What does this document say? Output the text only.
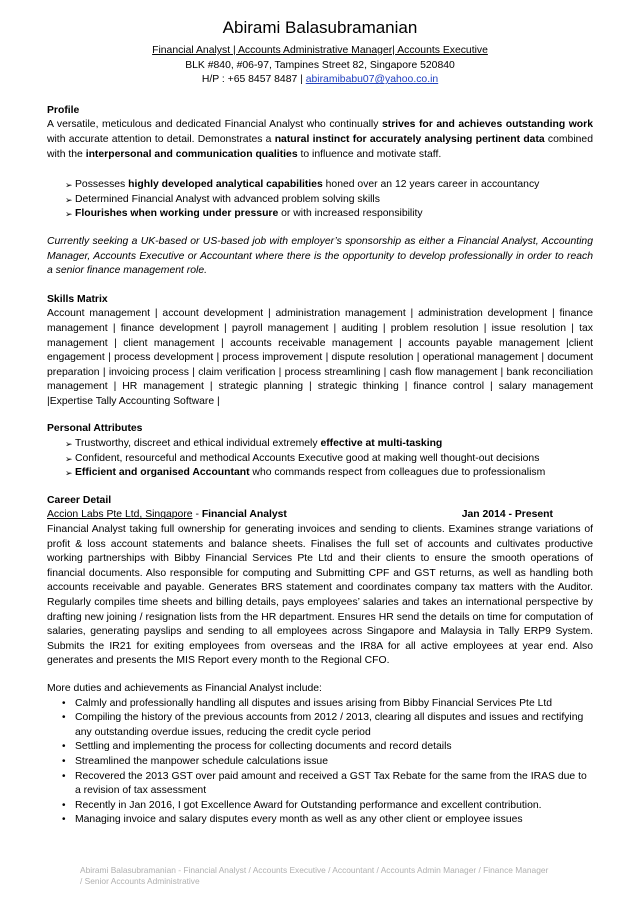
Abirami Balasubramanian
Financial Analyst | Accounts Administrative Manager| Accounts Executive
BLK #840, #06-97, Tampines Street 82, Singapore 520840
H/P : +65 8457 8487 | abiramibabu07@yahoo.co.in
Profile
A versatile, meticulous and dedicated Financial Analyst who continually strives for and achieves outstanding work with accurate attention to detail. Demonstrates a natural instinct for accurately analysing pertinent data combined with the interpersonal and communication qualities to influence and motivate staff.
➢ Possesses highly developed analytical capabilities honed over an 12 years career in accountancy
➢ Determined Financial Analyst with advanced problem solving skills
➢ Flourishes when working under pressure or with increased responsibility
Currently seeking a UK-based or US-based job with employer’s sponsorship as either a Financial Analyst, Accounting Manager, Accounts Executive or Accountant where there is the opportunity to develop professionally in order to reach a senior finance management role.
Skills Matrix
Account management | account development | administration management | administration development | finance management | finance development | payroll management | auditing | problem resolution | issue resolution | tax management | client management | accounts receivable management | accounts payable management |client engagement | process development | process improvement | dispute resolution | operational management | document preparation | invoicing process | claim verification | process streamlining | cash flow management | bank reconciliation management | HR management | strategic planning | strategic thinking | finance control | salary management |Expertise Tally Accounting Software |
Personal Attributes
➢ Trustworthy, discreet and ethical individual extremely effective at multi-tasking
➢ Confident, resourceful and methodical Accounts Executive good at making well thought-out decisions
➢ Efficient and organised Accountant who commands respect from colleagues due to professionalism
Career Detail
Accion Labs Pte Ltd, Singapore - Financial Analyst	Jan 2014 - Present
Financial Analyst taking full ownership for generating invoices and sending to clients. Examines strange variations of profit & loss account statements and balance sheets. Finalises the full set of accounts and cultivates productive working partnerships with Bibby Financial Services Pte Ltd and their clients to ensure the smooth operations of financial documents. Also responsible for computing and Submitting CPF and GST returns, as well as handling both accounts receivable and payable. Generates BRS statement and coordinates company tax matters with the Auditor. Regularly compiles time sheets and billing details, pays employees’ salaries and takes an international perspective by drafting new joining / resignation lists from the HR department. Ensures HR send the details on time for computation of salaries, generating payslips and sending to all employees across Singapore and Malaysia in Tally ERP9 System. Submits the IR21 for exiting employees from overseas and the IR8A for all active employees at year end. Also generates and presents the MIS Report every month to the Regional CFO.
More duties and achievements as Financial Analyst include:
• Calmly and professionally handling all disputes and issues arising from Bibby Financial Services Pte Ltd
• Compiling the history of the previous accounts from 2012 / 2013, clearing all disputes and issues and rectifying any outstanding overdue issues, reducing the credit cycle period
• Settling and implementing the process for collecting documents and record details
• Streamlined the manpower schedule calculations issue
• Recovered the 2013 GST over paid amount and received a GST Tax Rebate for the same from the IRAS due to a revision of tax assessment
• Recently in Jan 2016, I got Excellence Award for Outstanding performance and excellent contribution.
• Managing invoice and salary disputes every month as well as any other client or employee issues
Abirami Balasubramanian - Financial Analyst / Accounts Executive / Accountant / Accounts Admin Manager / Finance Manager / Senior Accounts Administrative
